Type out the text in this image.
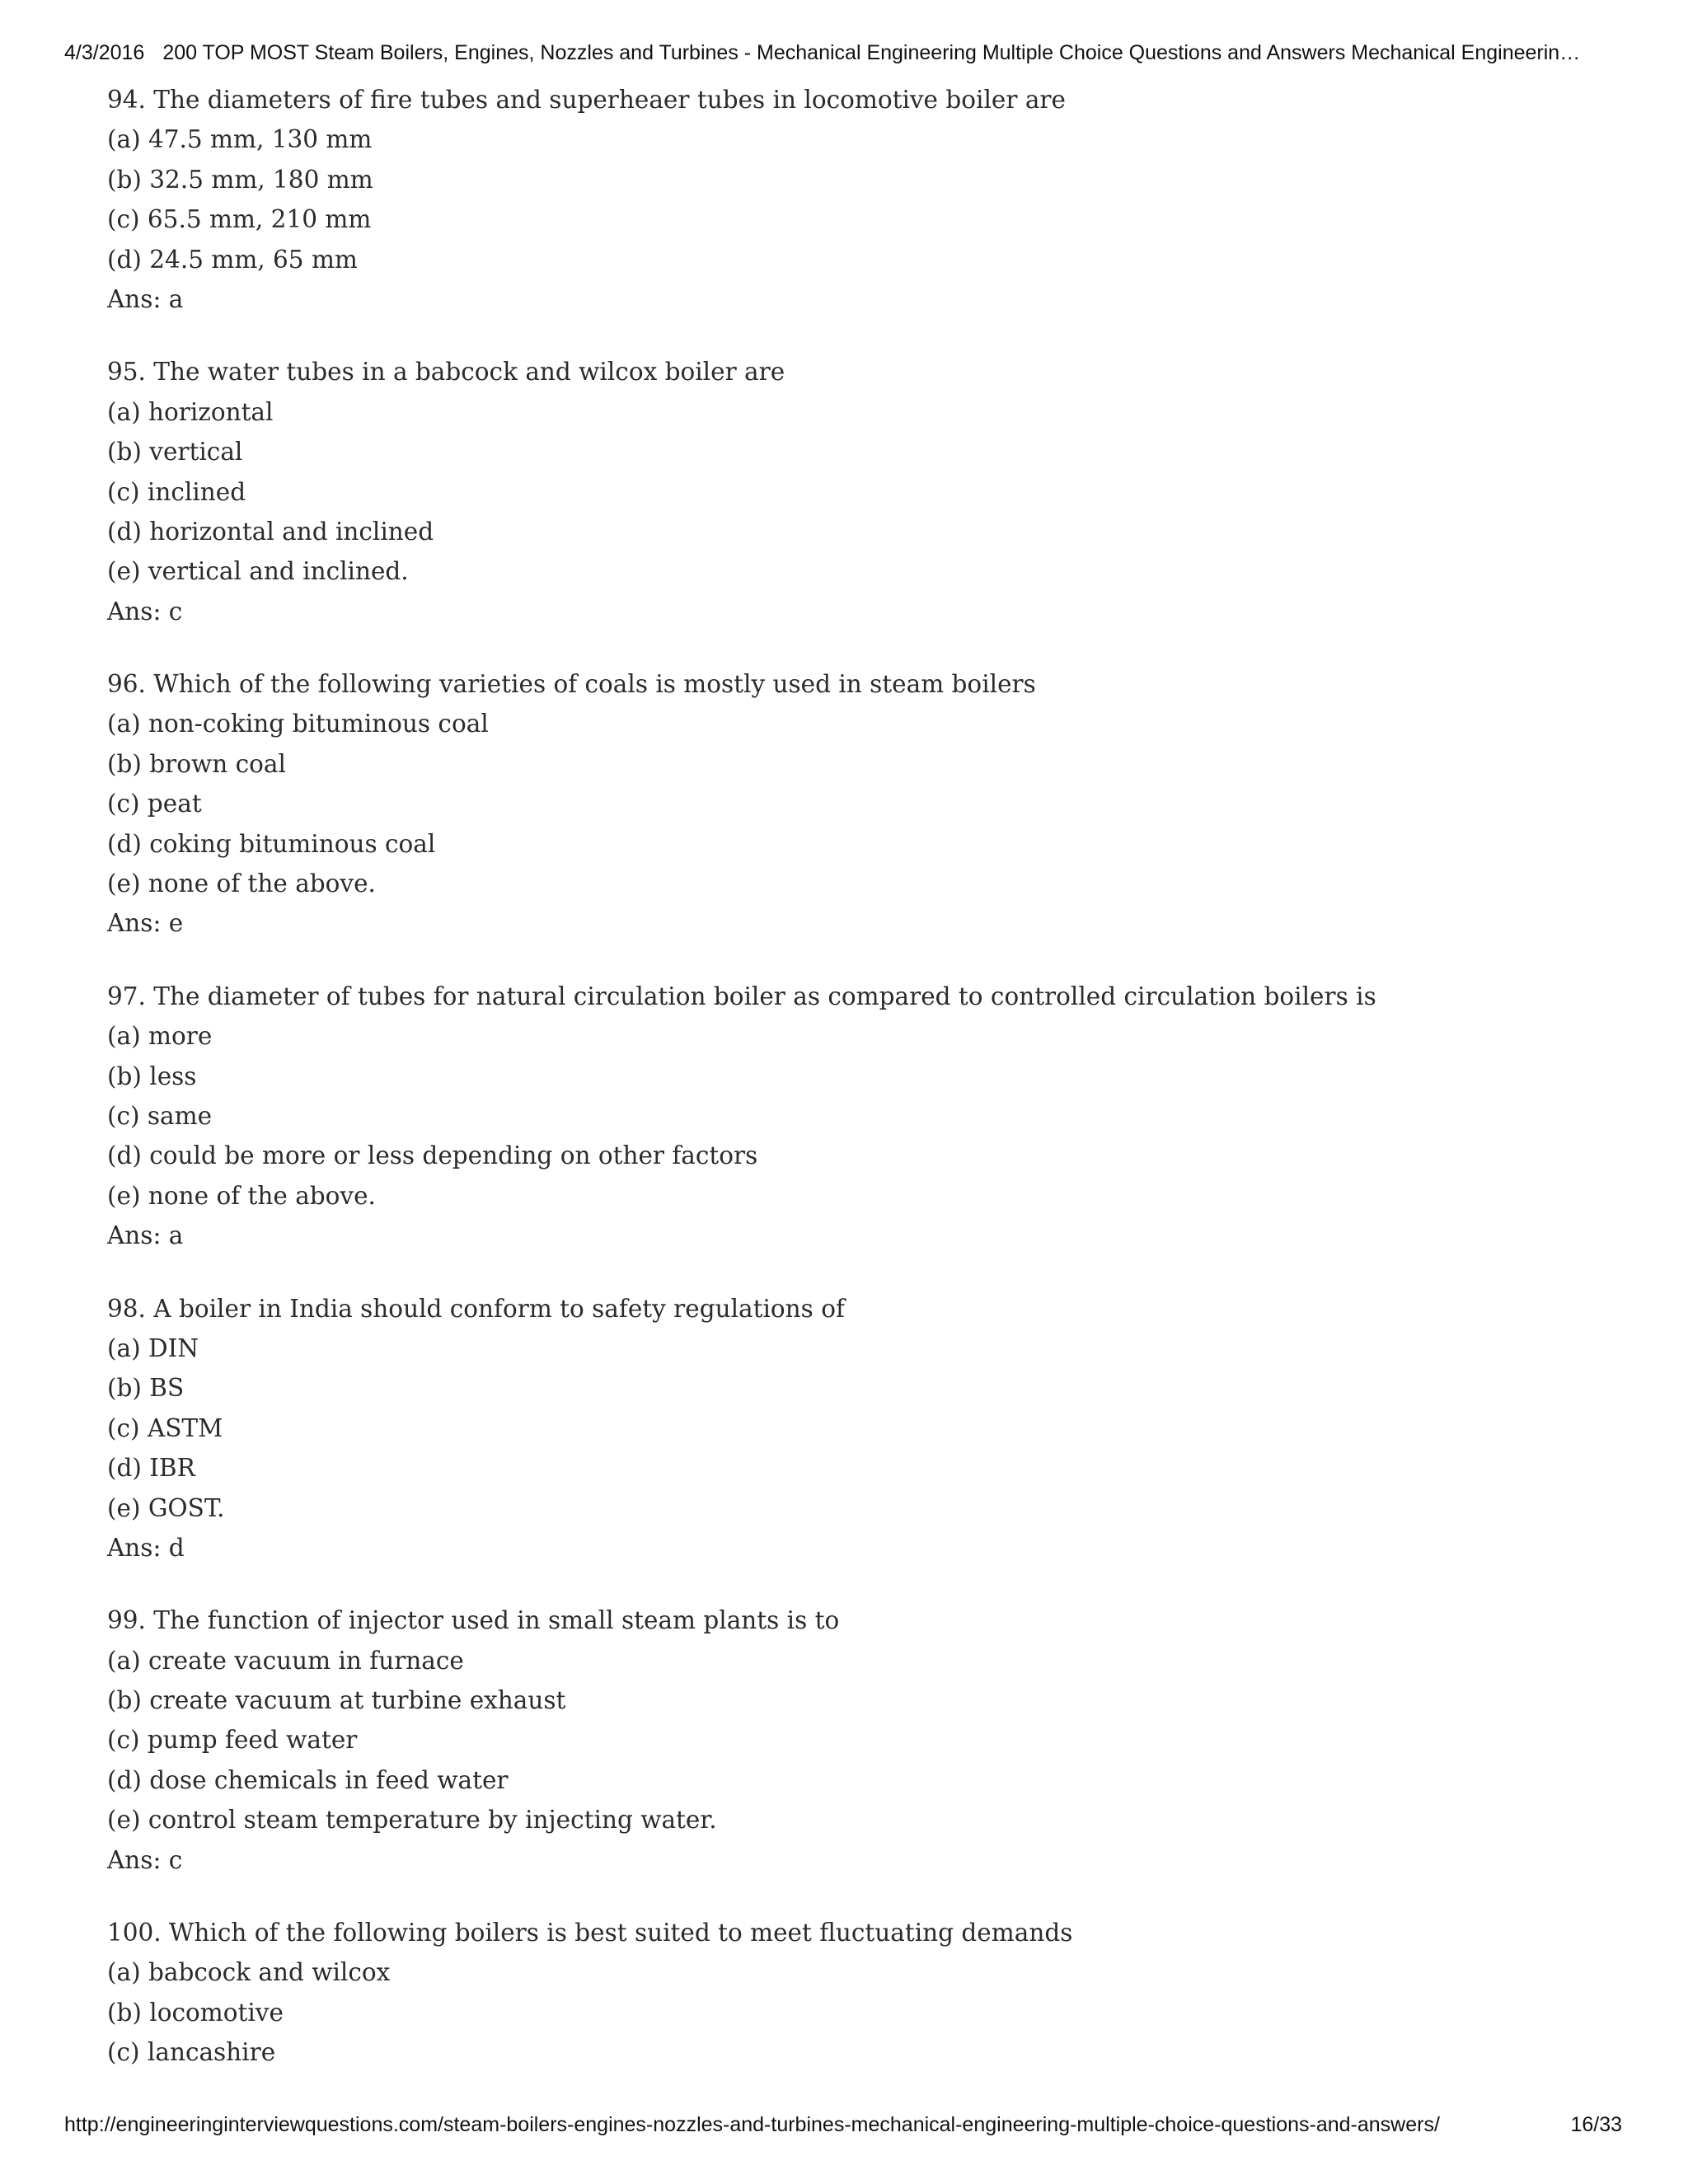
4/3/2016 200 TOP MOST Steam Boilers, Engines, Nozzles and Turbines - Mechanical Engineering Multiple Choice Questions and Answers Mechanical Engineerin…
94. The diameters of fire tubes and superheaer tubes in locomotive boiler are
(a) 47.5 mm, 130 mm
(b) 32.5 mm, 180 mm
(c) 65.5 mm, 210 mm
(d) 24.5 mm, 65 mm
Ans: a
95. The water tubes in a babcock and wilcox boiler are
(a) horizontal
(b) vertical
(c) inclined
(d) horizontal and inclined
(e) vertical and inclined.
Ans: c
96. Which of the following varieties of coals is mostly used in steam boilers
(a) non-coking bituminous coal
(b) brown coal
(c) peat
(d) coking bituminous coal
(e) none of the above.
Ans: e
97. The diameter of tubes for natural circulation boiler as compared to controlled circulation boilers is
(a) more
(b) less
(c) same
(d) could be more or less depending on other factors
(e) none of the above.
Ans: a
98. A boiler in India should conform to safety regulations of
(a) DIN
(b) BS
(c) ASTM
(d) IBR
(e) GOST.
Ans: d
99. The function of injector used in small steam plants is to
(a) create vacuum in furnace
(b) create vacuum at turbine exhaust
(c) pump feed water
(d) dose chemicals in feed water
(e) control steam temperature by injecting water.
Ans: c
100. Which of the following boilers is best suited to meet fluctuating demands
(a) babcock and wilcox
(b) locomotive
(c) lancashire
http://engineeringinterviewquestions.com/steam-boilers-engines-nozzles-and-turbines-mechanical-engineering-multiple-choice-questions-and-answers/	16/33
